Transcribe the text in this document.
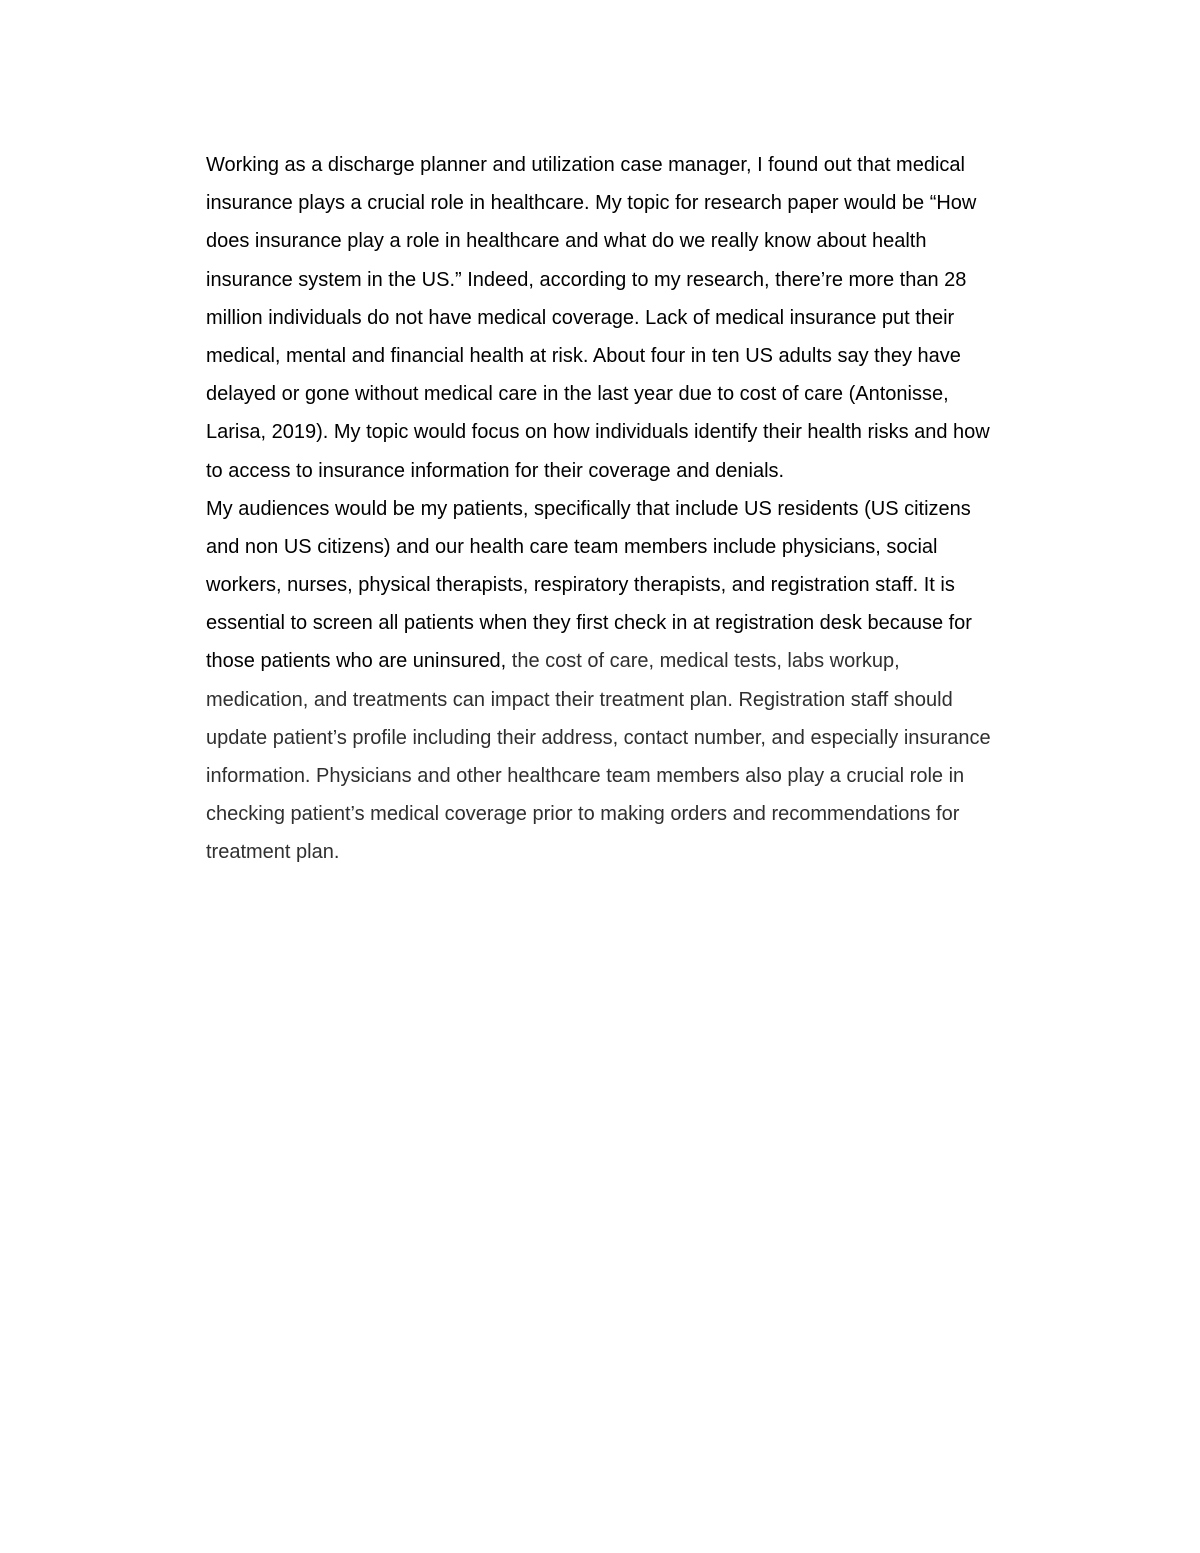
Working as a discharge planner and utilization case manager, I found out that medical
insurance plays a crucial role in healthcare. My topic for research paper would be “How
does insurance play a role in healthcare and what do we really know about health
insurance system in the US.” Indeed, according to my research, there’re more than 28
million individuals do not have medical coverage. Lack of medical insurance put their
medical, mental and financial health at risk. About four in ten US adults say they have
delayed or gone without medical care in the last year due to cost of care (Antonisse,
Larisa, 2019). My topic would focus on how individuals identify their health risks and how
to access to insurance information for their coverage and denials.
My audiences would be my patients, specifically that include US residents (US citizens
and non US citizens) and our health care team members include physicians, social
workers, nurses, physical therapists, respiratory therapists, and registration staff. It is
essential to screen all patients when they first check in at registration desk because for
those patients who are uninsured, the cost of care, medical tests, labs workup,
medication, and treatments can impact their treatment plan. Registration staff should
update patient’s profile including their address, contact number, and especially insurance
information. Physicians and other healthcare team members also play a crucial role in
checking patient’s medical coverage prior to making orders and recommendations for
treatment plan.
